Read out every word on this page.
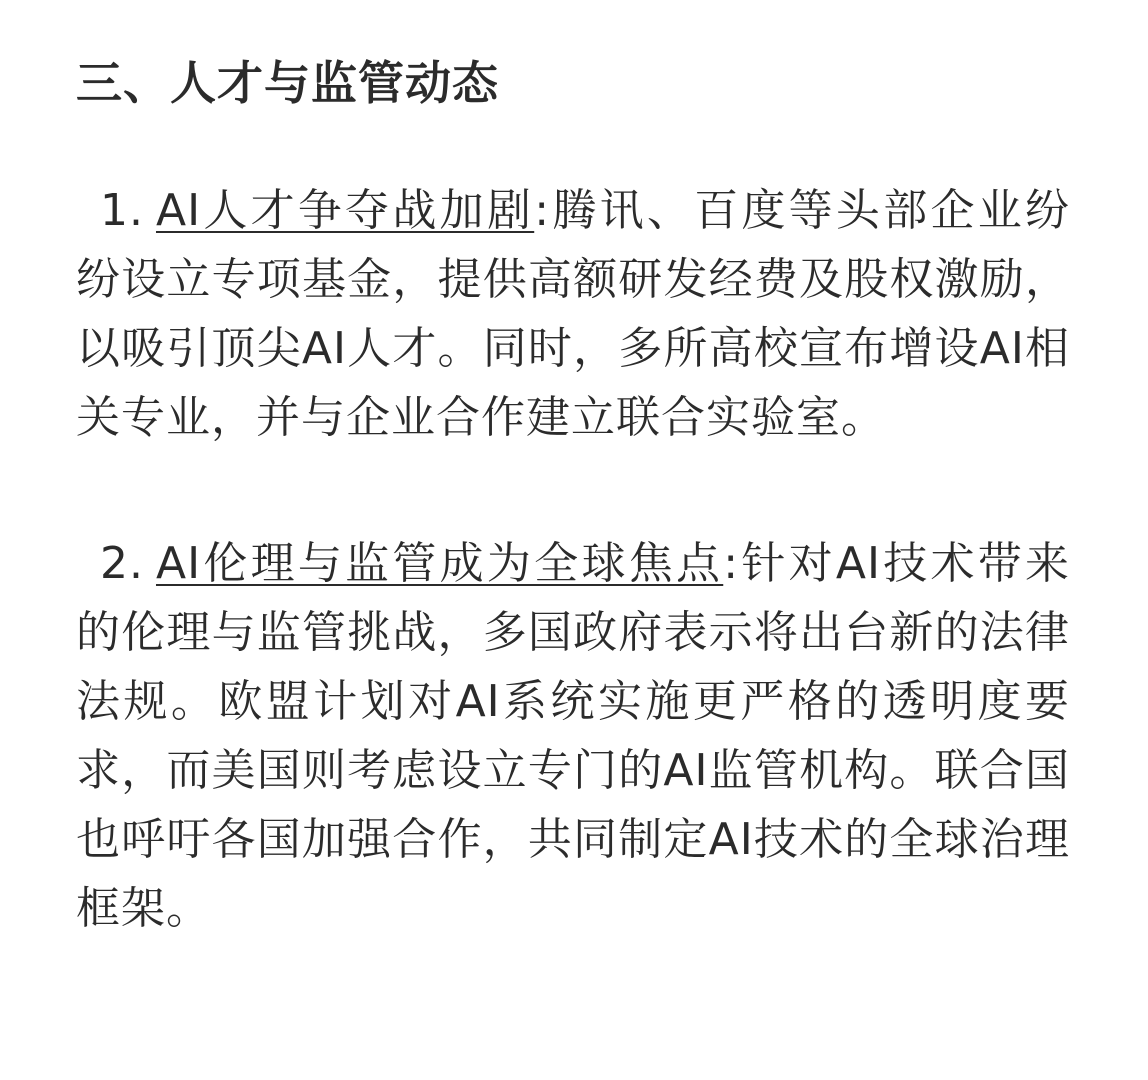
三、人才与监管动态

1. AI人才争夺战加剧:腾讯、百度等头部企业纷纷设立专项基金，提供高额研发经费及股权激励，以吸引顶尖AI人才。同时，多所高校宣布增设AI相关专业，并与企业合作建立联合实验室。

2. AI伦理与监管成为全球焦点:针对AI技术带来的伦理与监管挑战，多国政府表示将出台新的法律法规。欧盟计划对AI系统实施更严格的透明度要求，而美国则考虑设立专门的AI监管机构。联合国也呼吁各国加强合作，共同制定AI技术的全球治理框架。
